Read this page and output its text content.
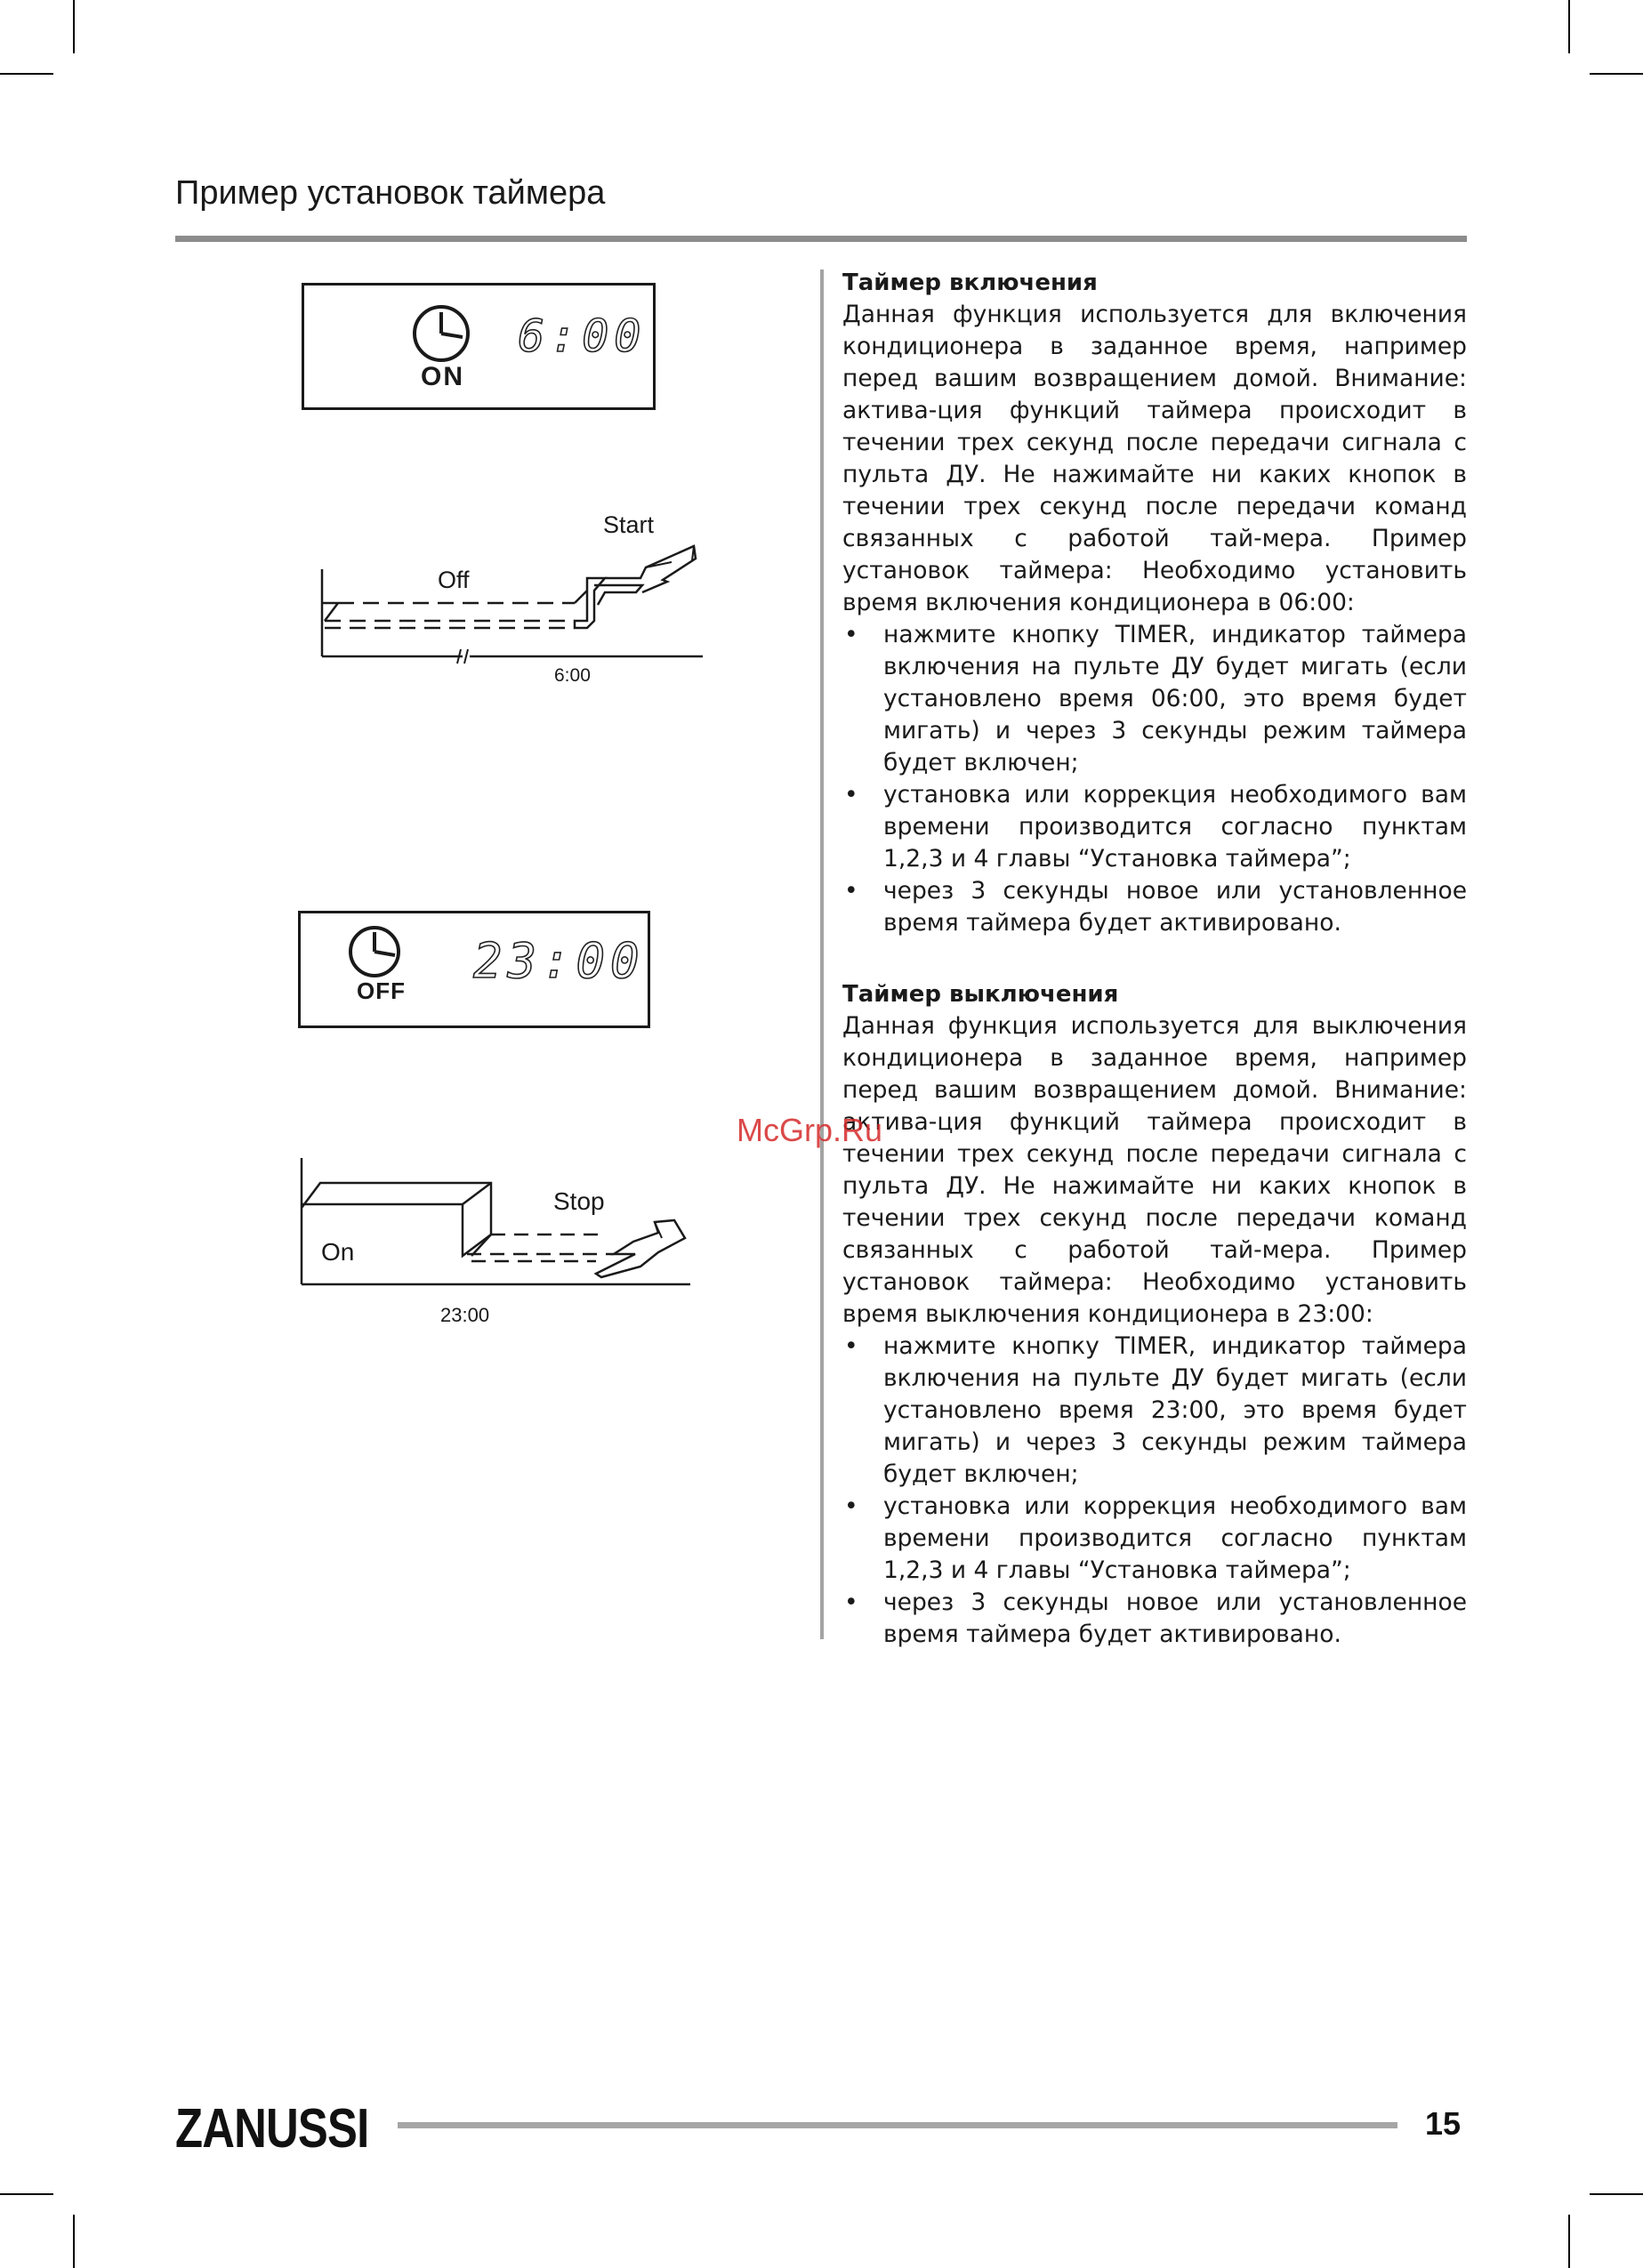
Пример установок таймера
ON
6:00
Start
Off
6:00
OFF
23:00
Stop
On
23:00

Таймер включения

Данная функция используется для включения кондиционера в заданное время, например перед вашим возвращением домой. Внимание: актива-ция функций таймера происходит в течении трех секунд после передачи сигнала с пульта ДУ. Не нажимайте ни каких кнопок в течении трех секунд после передачи команд связанных с работой тай-мера. Пример установок таймера: Необходимо установить время включения кондиционера в 06:00:

• нажмите кнопку TIMER, индикатор таймера включения на пульте ДУ будет мигать (если установлено время 06:00, это время будет мигать) и через 3 секунды режим таймера будет включен;
• установка или коррекция необходимого вам времени производится согласно пунктам 1,2,3 и 4 главы “Установка таймера”;
• через 3 секунды новое или установленное время таймера будет активировано.

Таймер выключения

Данная функция используется для выключения кондиционера в заданное время, например перед вашим возвращением домой. Внимание: актива-ция функций таймера происходит в течении трех секунд после передачи сигнала с пульта ДУ. Не нажимайте ни каких кнопок в течении трех секунд после передачи команд связанных с работой тай-мера. Пример установок таймера: Необходимо установить время выключения кондиционера в 23:00:

• нажмите кнопку TIMER, индикатор таймера включения на пульте ДУ будет мигать (если установлено время 23:00, это время будет мигать) и через 3 секунды режим таймера будет включен;
• установка или коррекция необходимого вам времени производится согласно пунктам 1,2,3 и 4 главы “Установка таймера”;
• через 3 секунды новое или установленное время таймера будет активировано.
McGrp.Ru
ZANUSSI	15
